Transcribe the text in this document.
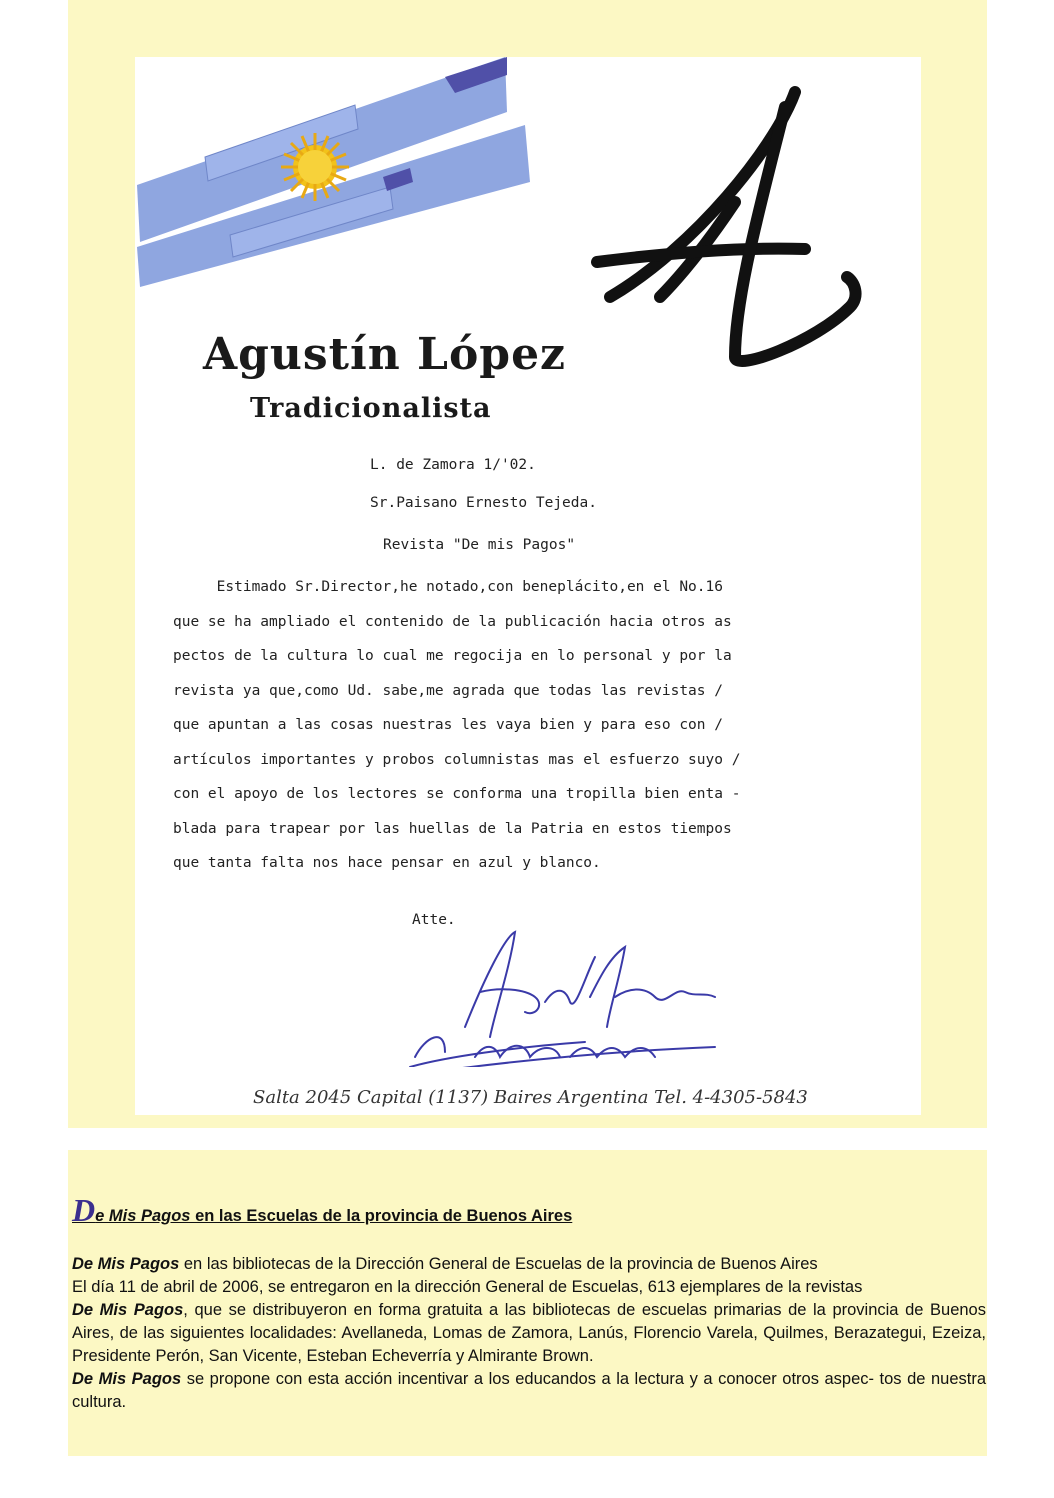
Agustín López
Tradicionalista
L. de Zamora 1/'02.
Sr.Paisano Ernesto Tejeda.
Revista "De mis Pagos"
Estimado Sr.Director,he notado,con beneplácito,en el No.16
que se ha ampliado el contenido de la publicación hacia otros as
pectos de la cultura lo cual me regocija en lo personal y por la
revista ya que,como Ud. sabe,me agrada que todas las revistas /
que apuntan a las cosas nuestras les vaya bien y para eso con /
artículos importantes y probos columnistas mas el esfuerzo suyo /
con el apoyo de los lectores se conforma una tropilla bien enta -
blada para trapear por las huellas de la Patria en estos tiempos
que tanta falta nos hace pensar en azul y blanco.
Atte.
Salta 2045 Capital (1137) Baires Argentina Tel. 4-4305-5843
De Mis Pagos en las Escuelas de la provincia de Buenos Aires

De Mis Pagos en las bibliotecas de la Dirección General de Escuelas de la provincia de Buenos Aires

El día 11 de abril de 2006, se entregaron en la dirección General de Escuelas, 613 ejemplares de la revistas

De Mis Pagos, que se distribuyeron en forma gratuita a las bibliotecas de escuelas primarias de la provincia de Buenos Aires, de las siguientes localidades: Avellaneda, Lomas de Zamora, Lanús, Florencio Varela, Quilmes, Berazategui, Ezeiza, Presidente Perón, San Vicente, Esteban Echeverría y Almirante Brown.

De Mis Pagos se propone con esta acción incentivar a los educandos a la lectura y a conocer otros aspec- tos de nuestra cultura.
